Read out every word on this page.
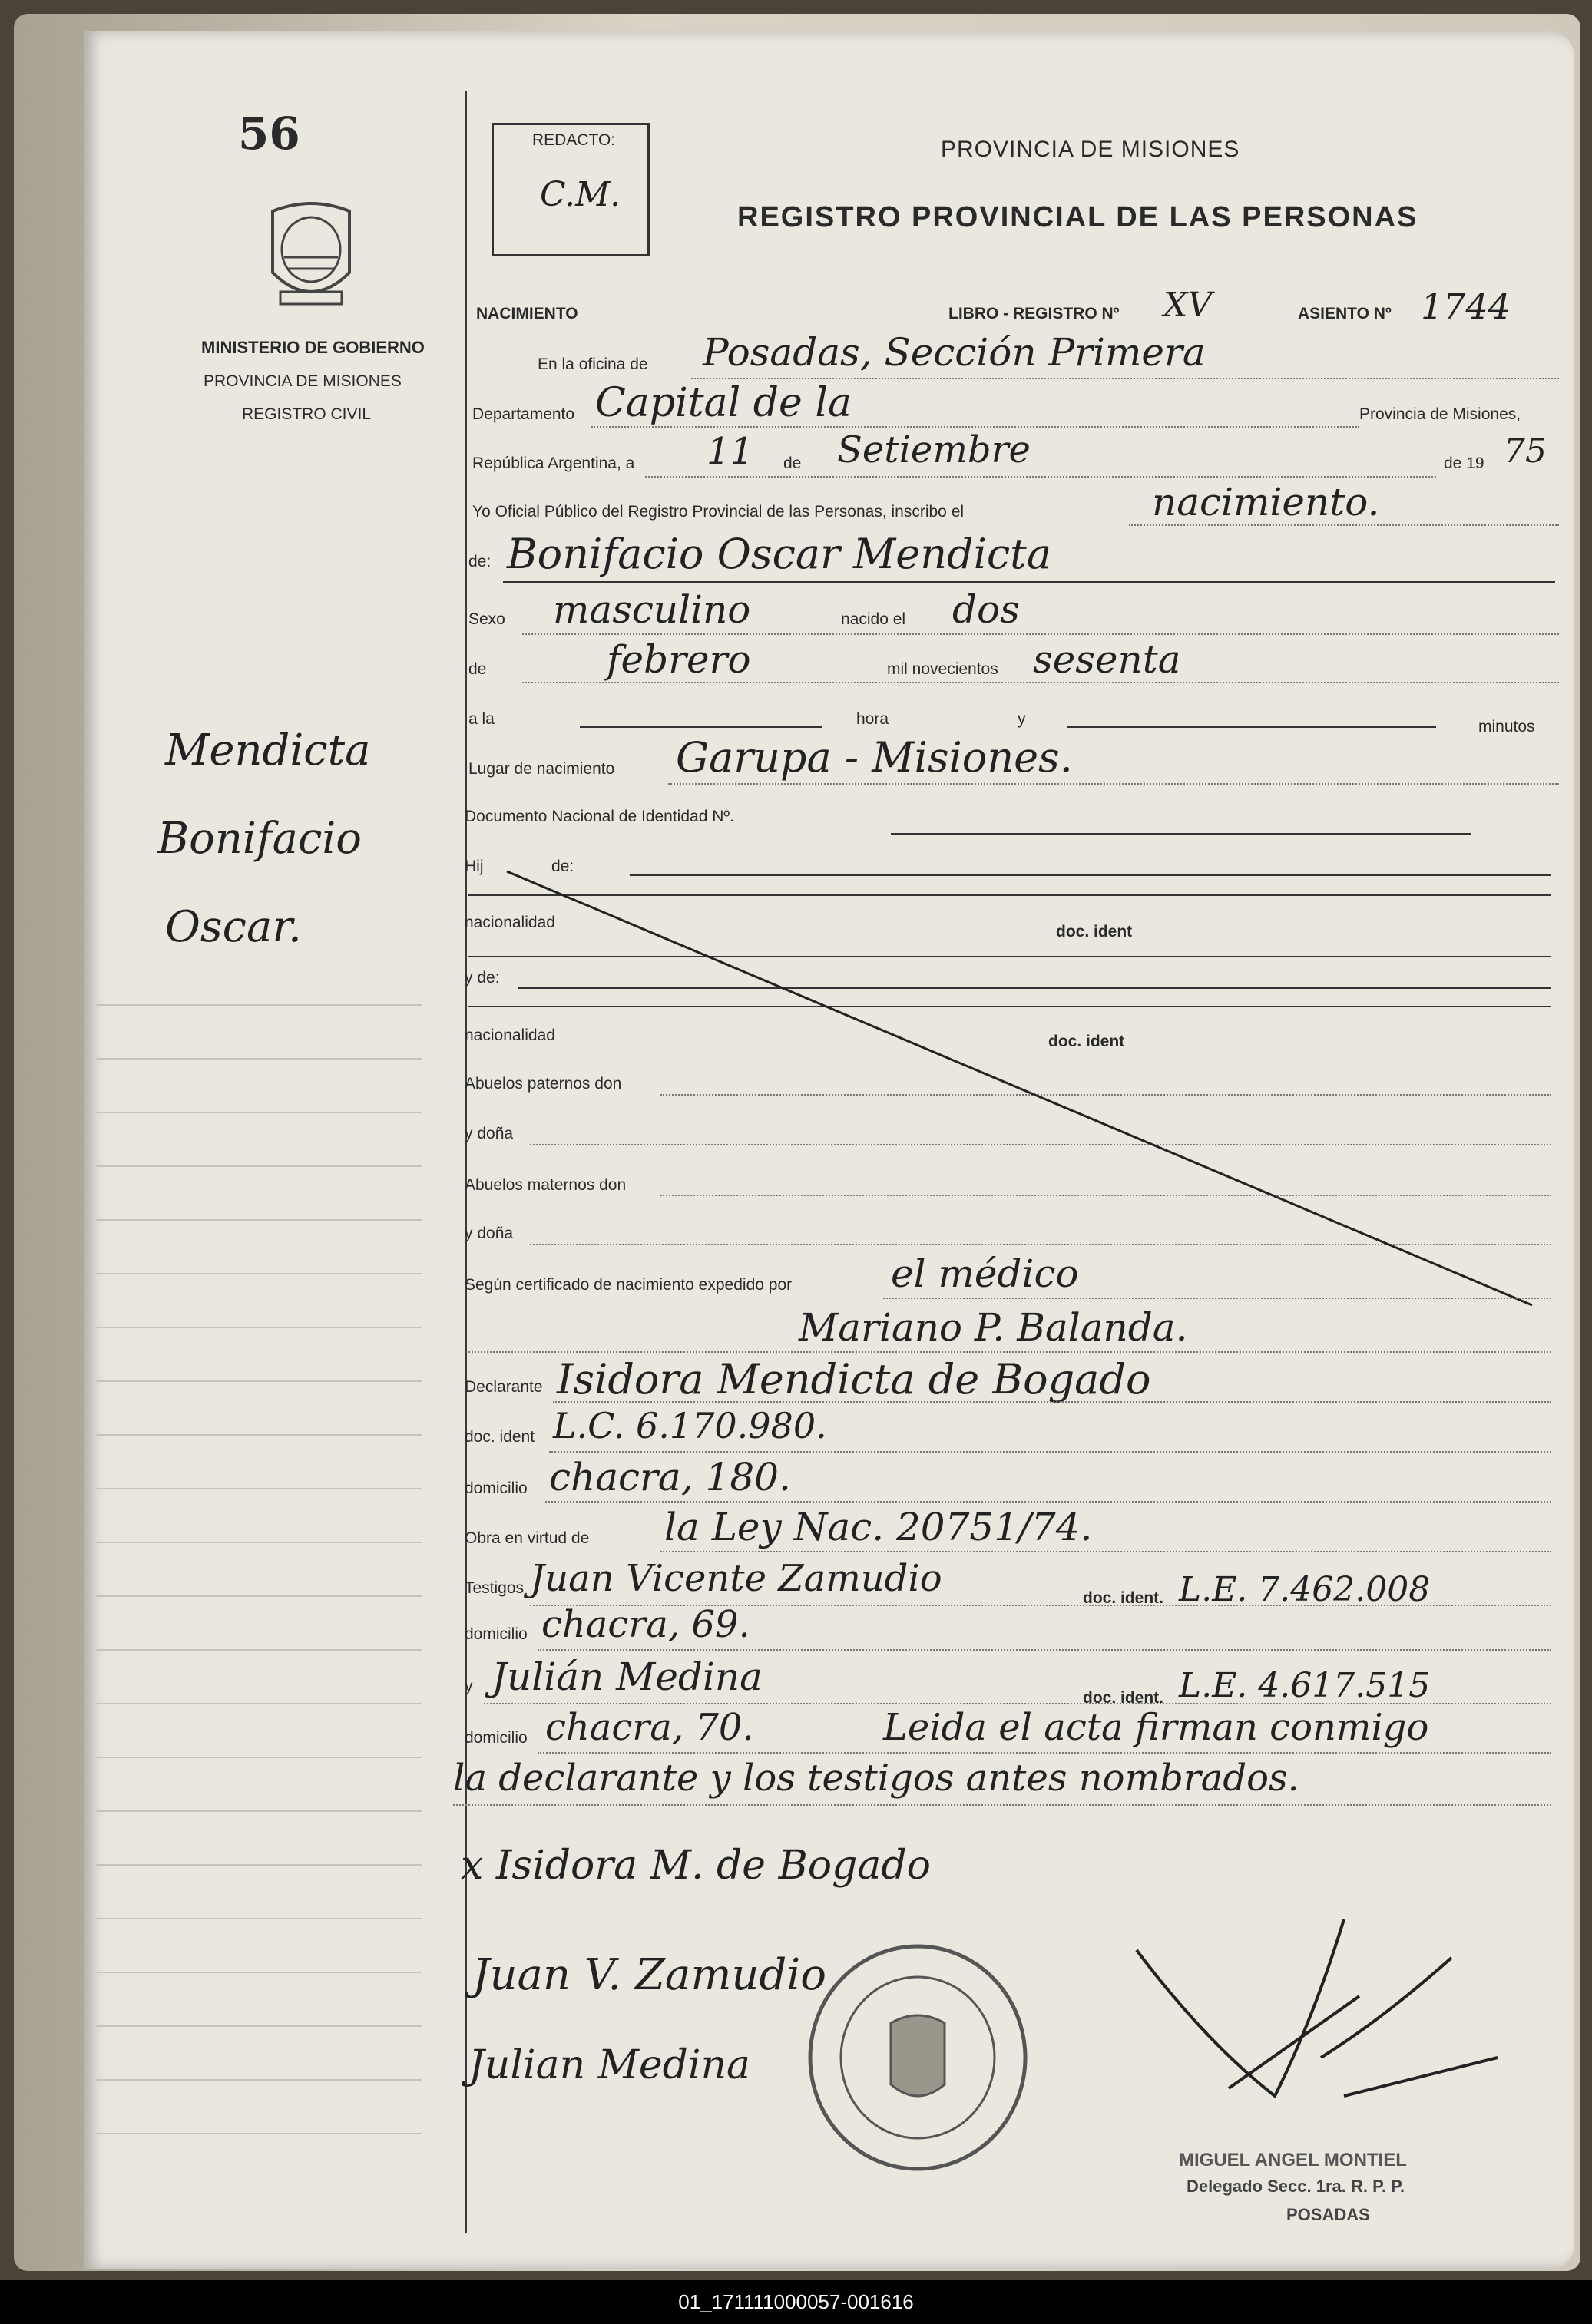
56
MINISTERIO DE GOBIERNO
PROVINCIA DE MISIONES
REGISTRO CIVIL
Mendicta
Bonifacio
Oscar.
REDACTO:
C.M.
PROVINCIA DE MISIONES
REGISTRO PROVINCIAL DE LAS PERSONAS
NACIMIENTO	LIBRO - REGISTRO Nº XV	ASIENTO Nº 1744
En la oficina de Posadas, Sección Primera
Departamento Capital de la	Provincia de Misiones,
República Argentina, a 11 de Setiembre	de 19 75
Yo Oficial Público del Registro Provincial de las Personas, inscribo el	nacimiento.
de: Bonifacio Oscar Mendicta
Sexo masculino	nacido el dos
de	febrero	mil novecientos sesenta
a la	hora	y	minutos
Lugar de nacimiento Garupa - Misiones.
Documento Nacional de Identidad Nº.
Hij	de:
nacionalidad
doc. ident
y de:
nacionalidad	doc. ident
Abuelos paternos don
y doña
Abuelos maternos don
y doña
Según certificado de nacimiento expedido por	el médico
Mariano P. Balanda.
Declarante Isidora Mendicta de Bogado
doc. ident L.C. 6.170.980.
domicilio chacra, 180.
Obra en virtud de la Ley Nac. 20751/74.
Testigos Juan Vicente Zamudio	doc. ident. L.E. 7.462.008
domicilio chacra, 69.
y Julián Medina	doc. ident. L.E. 4.617.515
domicilio chacra, 70.	Leida el acta firman conmigo
la declarante y los testigos antes nombrados.
x Isidora M. de Bogado
Juan V. Zamudio
Julian Medina
MIGUEL ANGEL MONTIEL
Delegado Secc. 1ra. R. P. P.
POSADAS
01_171111000057-001616
